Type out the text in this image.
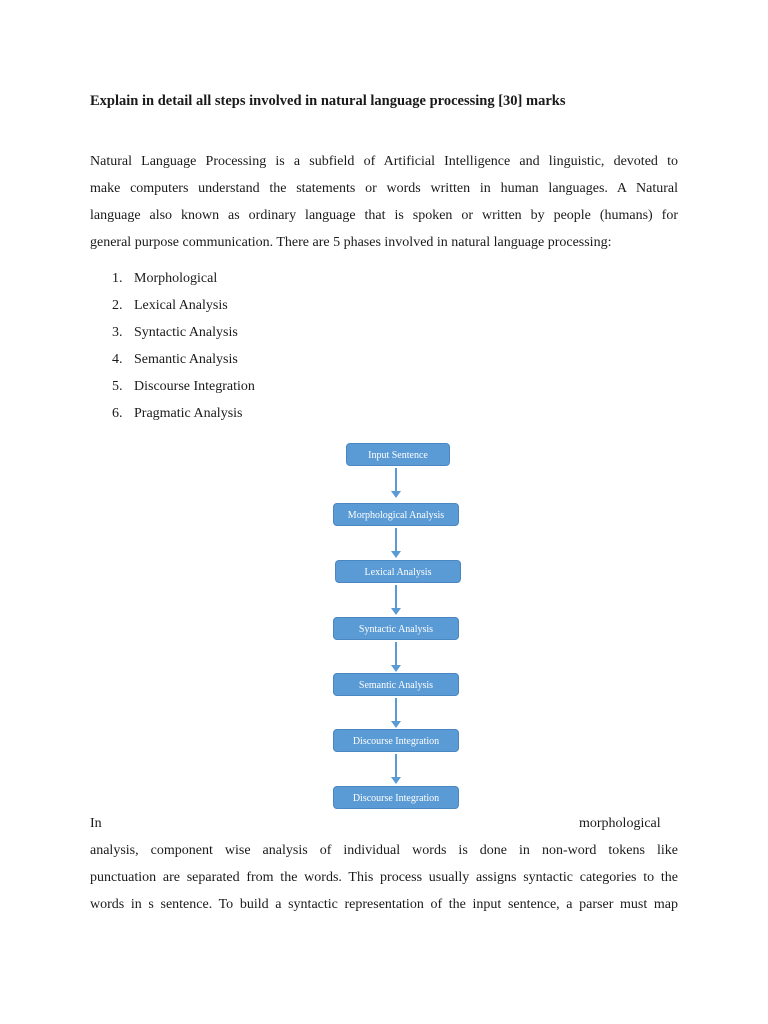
Explain in detail all steps involved in natural language processing [30] marks
Natural Language Processing is a subfield of Artificial Intelligence and linguistic, devoted to
make computers understand the statements or words written in human languages. A Natural
language also known as ordinary language that is spoken or written by people (humans) for
general purpose communication. There are 5 phases involved in natural language processing:
1. Morphological
2. Lexical Analysis
3. Syntactic Analysis
4. Semantic Analysis
5. Discourse Integration
6. Pragmatic Analysis
Input Sentence
Morphological Analysis
Lexical Analysis
Syntactic Analysis
Semantic Analysis
Discourse Integration
Discourse Integration
In	morphological
analysis, component wise analysis of individual words is done in non-word tokens like
punctuation are separated from the words. This process usually assigns syntactic categories to the
words in s sentence. To build a syntactic representation of the input sentence, a parser must map
